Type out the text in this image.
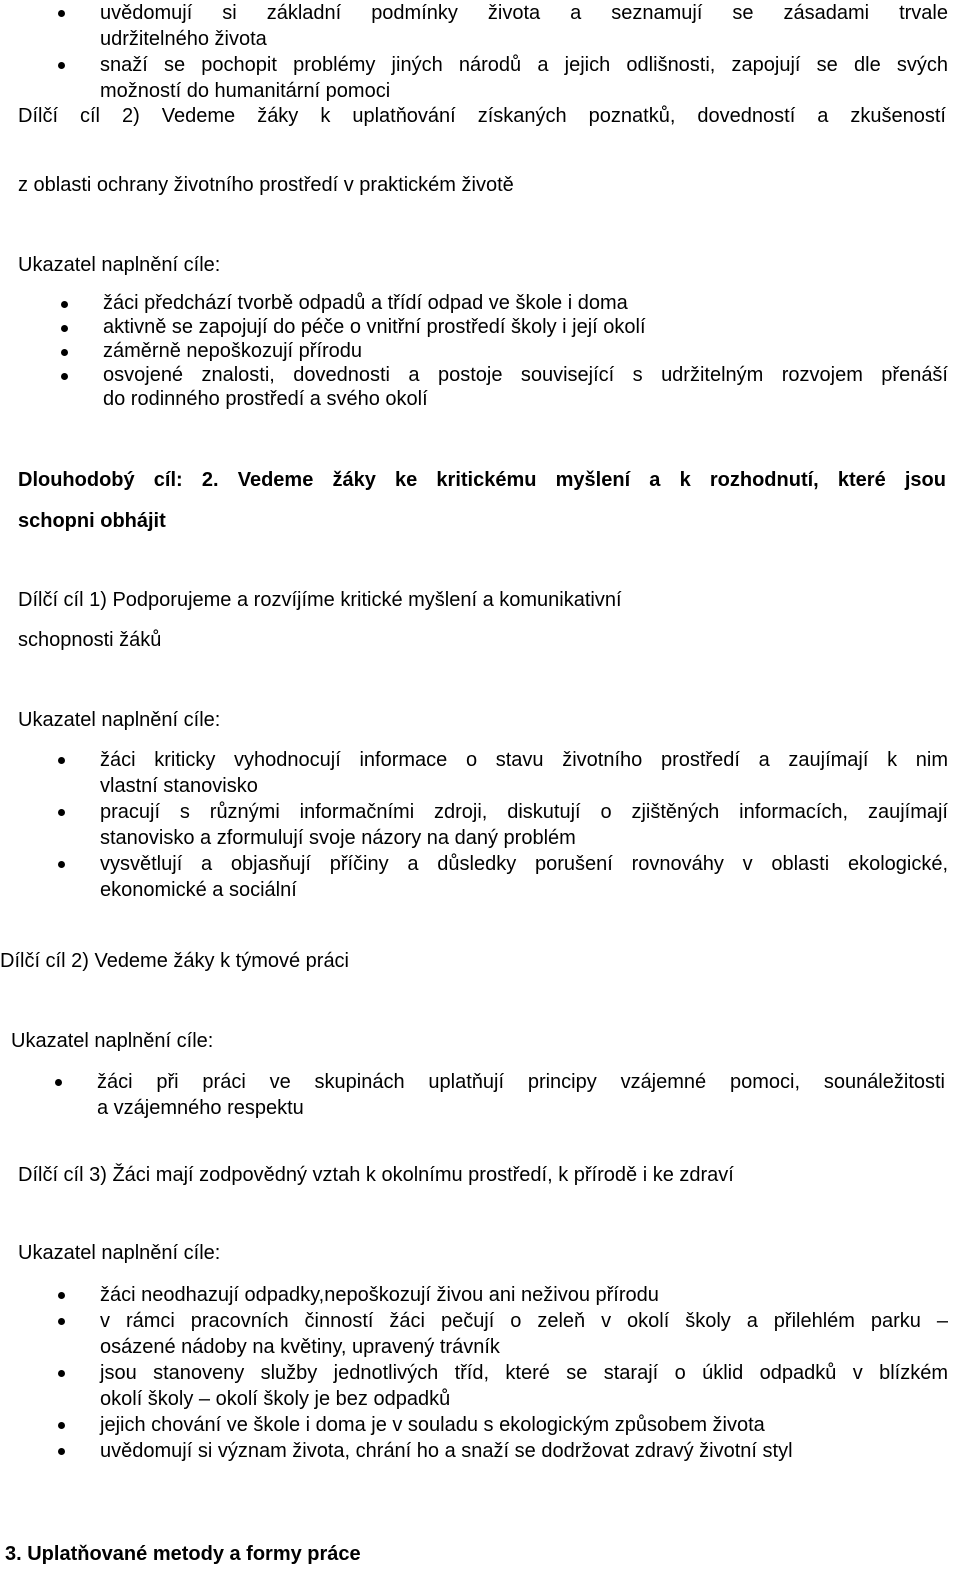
uvědomují si základní podmínky života a seznamují se zásadami trvale
udržitelného života
snaží se pochopit problémy jiných národů a jejich odlišnosti, zapojují se dle svých
možností do humanitární pomoci

Dílčí cíl 2) Vedeme žáky k uplatňování získaných poznatků, dovedností a zkušeností

z oblasti ochrany životního prostředí v praktickém životě

Ukazatel naplnění cíle:

žáci předchází tvorbě odpadů a třídí odpad ve škole i doma
aktivně se zapojují do péče o vnitřní prostředí školy i její okolí
záměrně nepoškozují přírodu
osvojené znalosti, dovednosti a postoje související s udržitelným rozvojem přenáší
do rodinného prostředí a svého okolí

Dlouhodobý cíl: 2. Vedeme žáky ke kritickému myšlení a k rozhodnutí, které jsou

schopni obhájit

Dílčí cíl 1) Podporujeme a rozvíjíme kritické myšlení a komunikativní

schopnosti žáků

Ukazatel naplnění cíle:

žáci kriticky vyhodnocují informace o stavu životního prostředí a zaujímají k nim
vlastní stanovisko
pracují s různými informačními zdroji, diskutují o zjištěných informacích, zaujímají
stanovisko a zformulují svoje názory na daný problém
vysvětlují a objasňují příčiny a důsledky porušení rovnováhy v oblasti ekologické,
ekonomické a sociální

Dílčí cíl 2) Vedeme žáky k týmové práci

Ukazatel naplnění cíle:

žáci při práci ve skupinách uplatňují principy vzájemné pomoci, sounáležitosti
a vzájemného respektu

Dílčí cíl 3) Žáci mají zodpovědný vztah k okolnímu prostředí, k přírodě i ke zdraví

Ukazatel naplnění cíle:

žáci neodhazují odpadky,nepoškozují živou ani neživou přírodu
v rámci pracovních činností žáci pečují o zeleň v okolí školy a přilehlém parku –
osázené nádoby na květiny, upravený trávník
jsou stanoveny služby jednotlivých tříd, které se starají o úklid odpadků v blízkém
okolí školy – okolí školy je bez odpadků
jejich chování ve škole i doma je v souladu s ekologickým způsobem života
uvědomují si význam života, chrání ho a snaží se dodržovat zdravý životní styl

3. Uplatňované metody a formy práce
